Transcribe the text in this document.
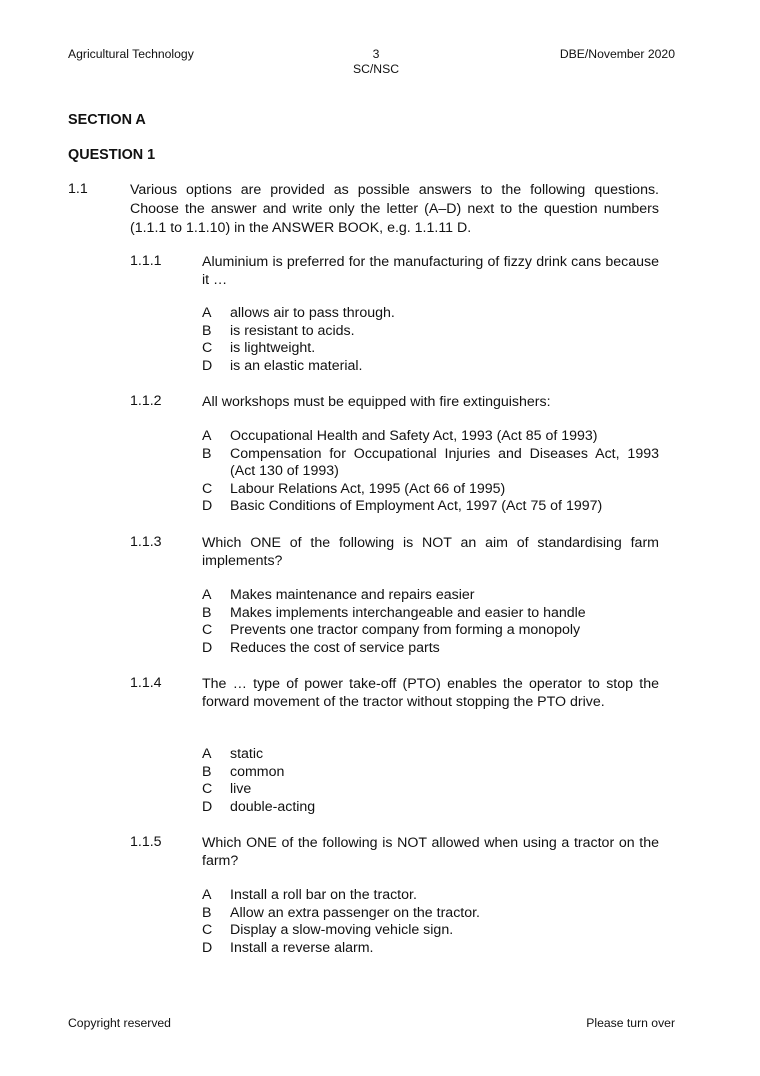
Agricultural Technology	3
SC/NSC
DBE/November 2020
SECTION A
QUESTION 1
1.1	Various options are provided as possible answers to the following questions. Choose the answer and write only the letter (A–D) next to the question numbers (1.1.1 to 1.1.10) in the ANSWER BOOK, e.g. 1.1.11 D.
1.1.1	Aluminium is preferred for the manufacturing of fizzy drink cans because it …
A	allows air to pass through.
B	is resistant to acids.
C	is lightweight.
D	is an elastic material.
1.1.2	All workshops must be equipped with fire extinguishers:
A	Occupational Health and Safety Act, 1993 (Act 85 of 1993)
B	Compensation for Occupational Injuries and Diseases Act, 1993 (Act 130 of 1993)
C	Labour Relations Act, 1995 (Act 66 of 1995)
D	Basic Conditions of Employment Act, 1997 (Act 75 of 1997)
1.1.3	Which ONE of the following is NOT an aim of standardising farm implements?
A	Makes maintenance and repairs easier
B	Makes implements interchangeable and easier to handle
C	Prevents one tractor company from forming a monopoly
D	Reduces the cost of service parts
1.1.4	The … type of power take-off (PTO) enables the operator to stop the forward movement of the tractor without stopping the PTO drive.
A	static
B	common
C	live
D	double-acting
1.1.5	Which ONE of the following is NOT allowed when using a tractor on the farm?
A	Install a roll bar on the tractor.
B	Allow an extra passenger on the tractor.
C	Display a slow-moving vehicle sign.
D	Install a reverse alarm.
Copyright reserved	Please turn over
